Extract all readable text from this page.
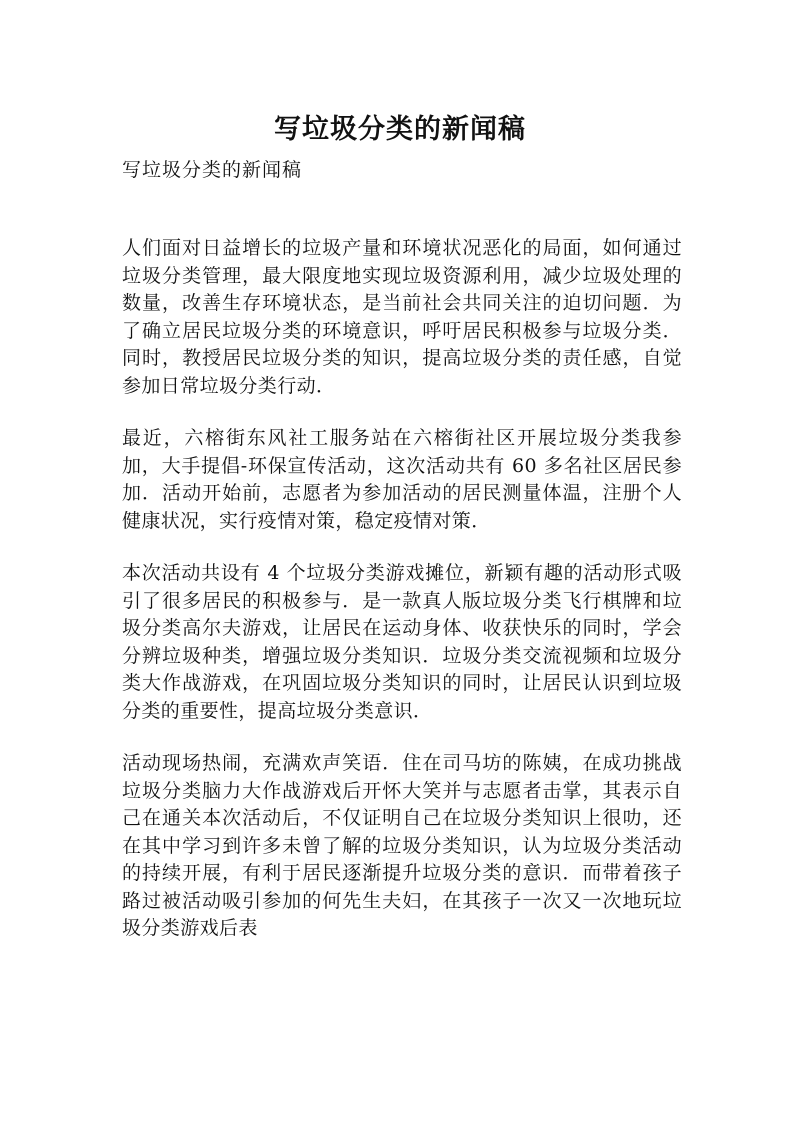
写垃圾分类的新闻稿
写垃圾分类的新闻稿

人们面对日益增长的垃圾产量和环境状况恶化的局面，如何通过垃圾分类管理，最大限度地实现垃圾资源利用，减少垃圾处理的数量，改善生存环境状态，是当前社会共同关注的迫切问题．为了确立居民垃圾分类的环境意识，呼吁居民积极参与垃圾分类．同时，教授居民垃圾分类的知识，提高垃圾分类的责任感，自觉参加日常垃圾分类行动．

最近，六榕街东风社工服务站在六榕街社区开展垃圾分类我参加，大手提倡-环保宣传活动，这次活动共有 60 多名社区居民参加．活动开始前，志愿者为参加活动的居民测量体温，注册个人健康状况，实行疫情对策，稳定疫情对策．

本次活动共设有 4 个垃圾分类游戏摊位，新颖有趣的活动形式吸引了很多居民的积极参与．是一款真人版垃圾分类飞行棋牌和垃圾分类高尔夫游戏，让居民在运动身体、收获快乐的同时，学会分辨垃圾种类，增强垃圾分类知识．垃圾分类交流视频和垃圾分类大作战游戏，在巩固垃圾分类知识的同时，让居民认识到垃圾分类的重要性，提高垃圾分类意识．

活动现场热闹，充满欢声笑语．住在司马坊的陈姨，在成功挑战垃圾分类脑力大作战游戏后开怀大笑并与志愿者击掌，其表示自己在通关本次活动后，不仅证明自己在垃圾分类知识上很叻，还在其中学习到许多未曾了解的垃圾分类知识，认为垃圾分类活动的持续开展，有利于居民逐渐提升垃圾分类的意识．而带着孩子路过被活动吸引参加的何先生夫妇，在其孩子一次又一次地玩垃圾分类游戏后表
